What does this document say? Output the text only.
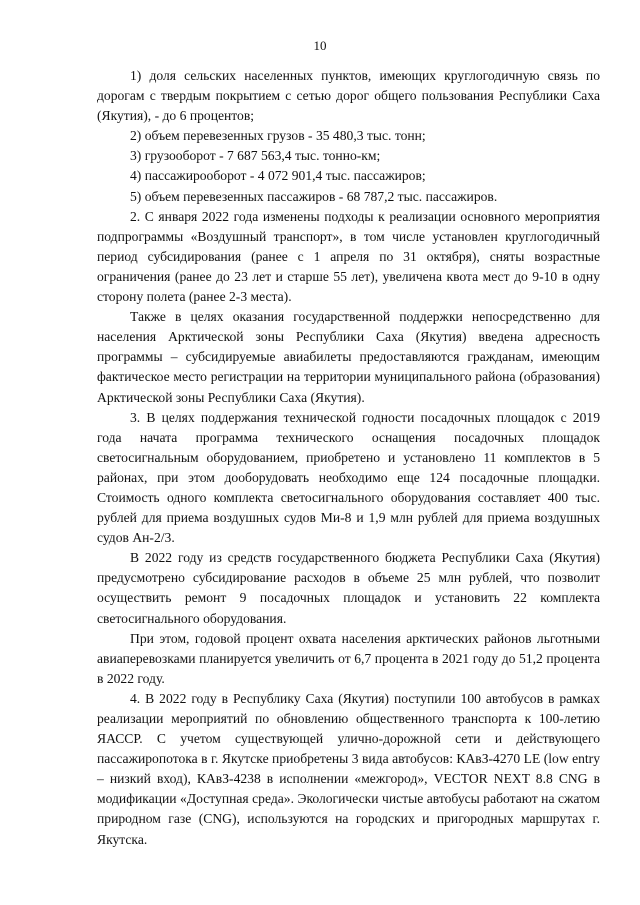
10

1) доля сельских населенных пунктов, имеющих круглогодичную связь по дорогам с твердым покрытием с сетью дорог общего пользования Республики Саха (Якутия), - до 6 процентов;

2) объем перевезенных грузов - 35 480,3 тыс. тонн;

3) грузооборот - 7 687 563,4 тыс. тонно-км;

4) пассажирооборот - 4 072 901,4 тыс. пассажиров;

5) объем перевезенных пассажиров - 68 787,2 тыс. пассажиров.

2. С января 2022 года изменены подходы к реализации основного мероприятия подпрограммы «Воздушный транспорт», в том числе установлен круглогодичный период субсидирования (ранее с 1 апреля по 31 октября), сняты возрастные ограничения (ранее до 23 лет и старше 55 лет), увеличена квота мест до 9-10 в одну сторону полета (ранее 2-3 места).

Также в целях оказания государственной поддержки непосредственно для населения Арктической зоны Республики Саха (Якутия) введена адресность программы – субсидируемые авиабилеты предоставляются гражданам, имеющим фактическое место регистрации на территории муниципального района (образования) Арктической зоны Республики Саха (Якутия).

3. В целях поддержания технической годности посадочных площадок с 2019 года начата программа технического оснащения посадочных площадок светосигнальным оборудованием, приобретено и установлено 11 комплектов в 5 районах, при этом дооборудовать необходимо еще 124 посадочные площадки. Стоимость одного комплекта светосигнального оборудования составляет 400 тыс. рублей для приема воздушных судов Ми-8 и 1,9 млн рублей для приема воздушных судов Ан-2/3.

В 2022 году из средств государственного бюджета Республики Саха (Якутия) предусмотрено субсидирование расходов в объеме 25 млн рублей, что позволит осуществить ремонт 9 посадочных площадок и установить 22 комплекта светосигнального оборудования.

При этом, годовой процент охвата населения арктических районов льготными авиаперевозками планируется увеличить от 6,7 процента в 2021 году до 51,2 процента в 2022 году.

4. В 2022 году в Республику Саха (Якутия) поступили 100 автобусов в рамках реализации мероприятий по обновлению общественного транспорта к 100-летию ЯАССР. С учетом существующей улично-дорожной сети и действующего пассажиропотока в г. Якутске приобретены 3 вида автобусов: КАвЗ-4270 LE (low entry – низкий вход), КАвЗ-4238 в исполнении «межгород», VECTOR NEXT 8.8 CNG в модификации «Доступная среда». Экологически чистые автобусы работают на сжатом природном газе (CNG), используются на городских и пригородных маршрутах г. Якутска.
